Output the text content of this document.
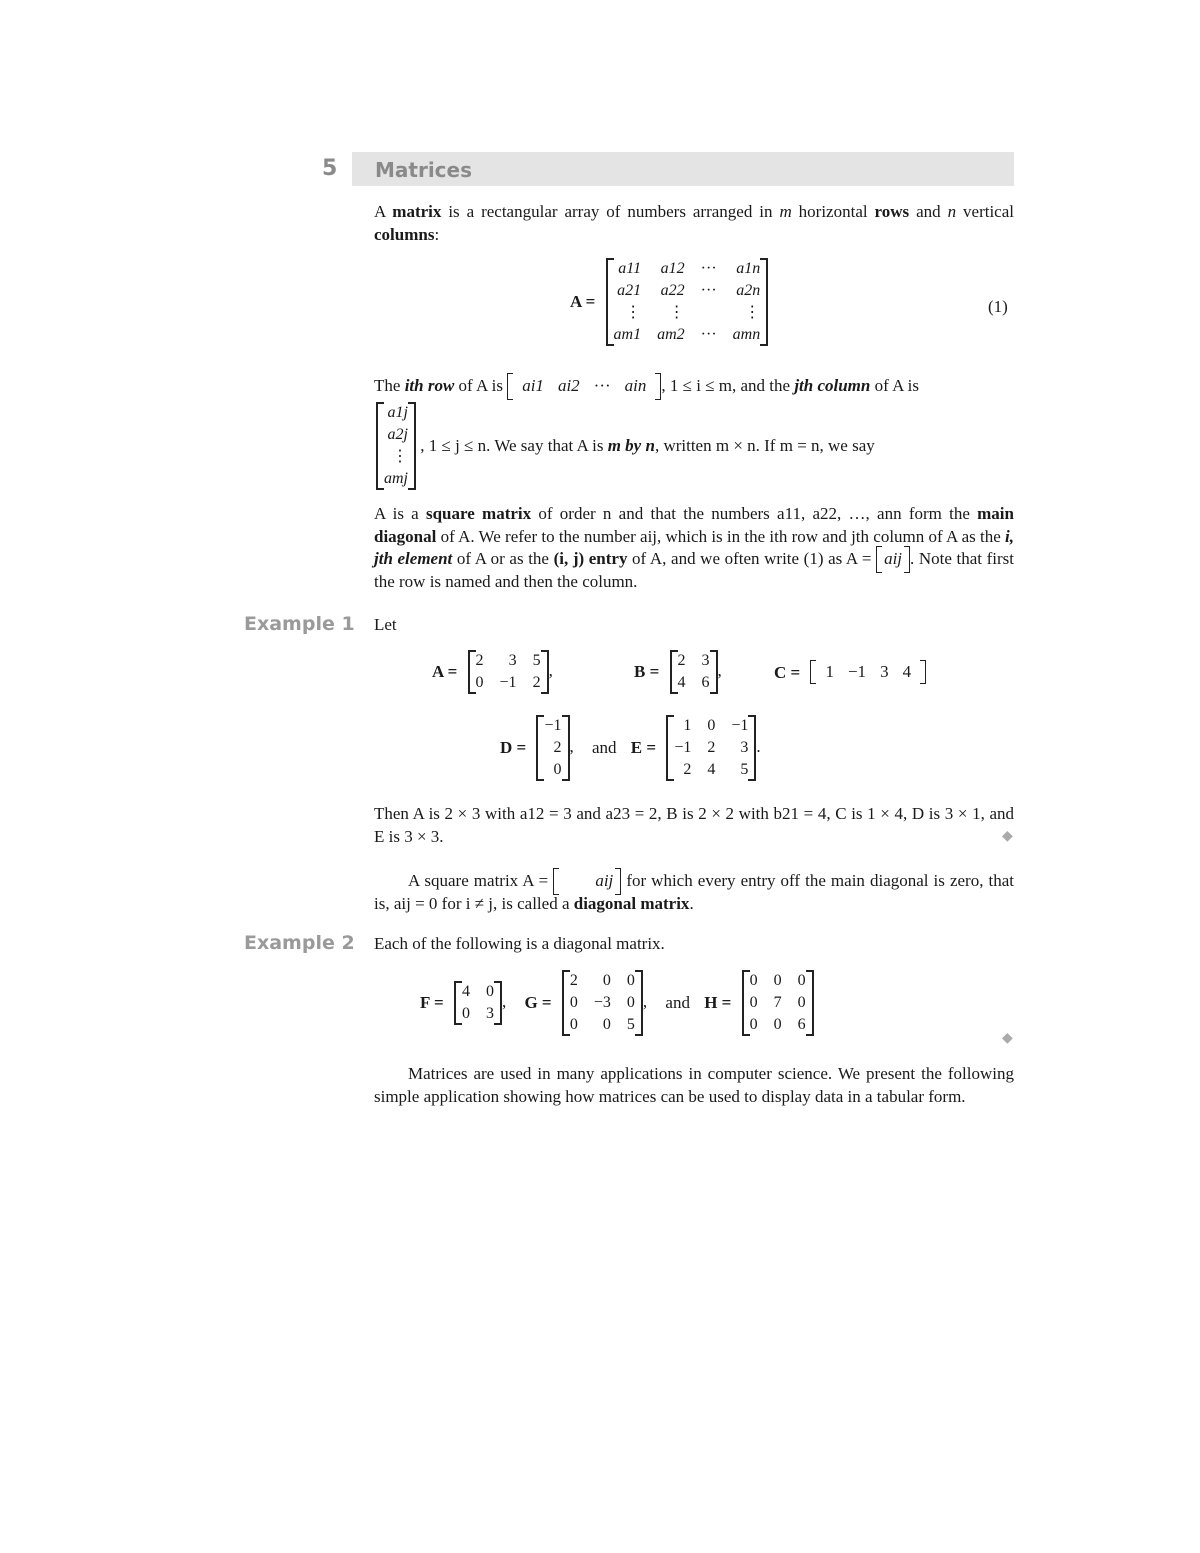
5 Matrices

A matrix is a rectangular array of numbers arranged in m horizontal rows and n vertical columns:

A =
a11	a12	···	a1n
a21	a22	···	a2n
⋮	⋮		⋮
am1	am2	···	amn
(1)

The ith row of A is ai1 ai2 ··· ain , 1 ≤ i ≤ m, and the jth column of A is

a1j
a2j
⋮
amj
, 1 ≤ j ≤ n. We say that A is m by n, written m × n. If m = n, we say

A is a square matrix of order n and that the numbers a11, a22, …, ann form the main diagonal of A. We refer to the number aij, which is in the ith row and jth column of A as the i, jth element of A or as the (i, j) entry of A, and we often write (1) as A = aij . Note that first the row is named and then the column.

Example 1 Let
A =
2	3	5
0	−1	2
,	B =
2	3
4	6
,	C = 1 −1 3 4
D =
−1
2
0
, and E =
1	0	−1
−1	2	3
2	4	5
.

Then A is 2 × 3 with a12 = 3 and a23 = 2, B is 2 × 2 with b21 = 4, C is 1 × 4, D is 3 × 1, and E is 3 × 3.	◆

A square matrix A = aij for which every entry off the main diagonal is zero, that is, aij = 0 for i ≠ j, is called a diagonal matrix.

Example 2 Each of the following is a diagonal matrix.
F =
4	0
0	3
, G =
2	0	0
0	−3	0
0	0	5
, and H =
0	0	0
0	7	0
0	0	6
◆

Matrices are used in many applications in computer science. We present the following simple application showing how matrices can be used to display data in a tabular form.
